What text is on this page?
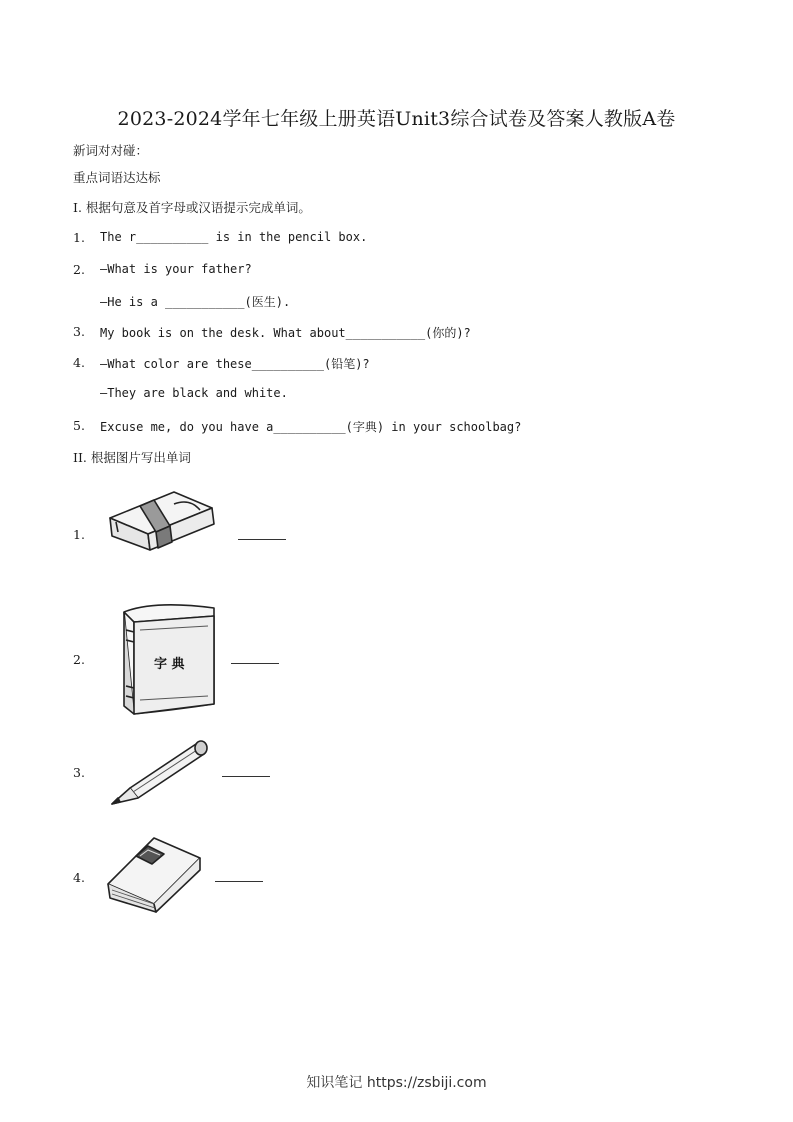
2023-2024学年七年级上册英语Unit3综合试卷及答案人教版A卷
新词对对碰：
重点词语达达标
I. 根据句意及首字母或汉语提示完成单词。
1. The r__________ is in the pencil box.
2. —What is your father?
—He is a ___________(医生).
3. My book is on the desk. What about___________(你的)?
4. —What color are these__________(铅笔)?
—They are black and white.
5. Excuse me, do you have a__________(字典) in your schoolbag?
II. 根据图片写出单词
1.
2.	字 典
3.
4.
知识笔记 https://zsbiji.com
